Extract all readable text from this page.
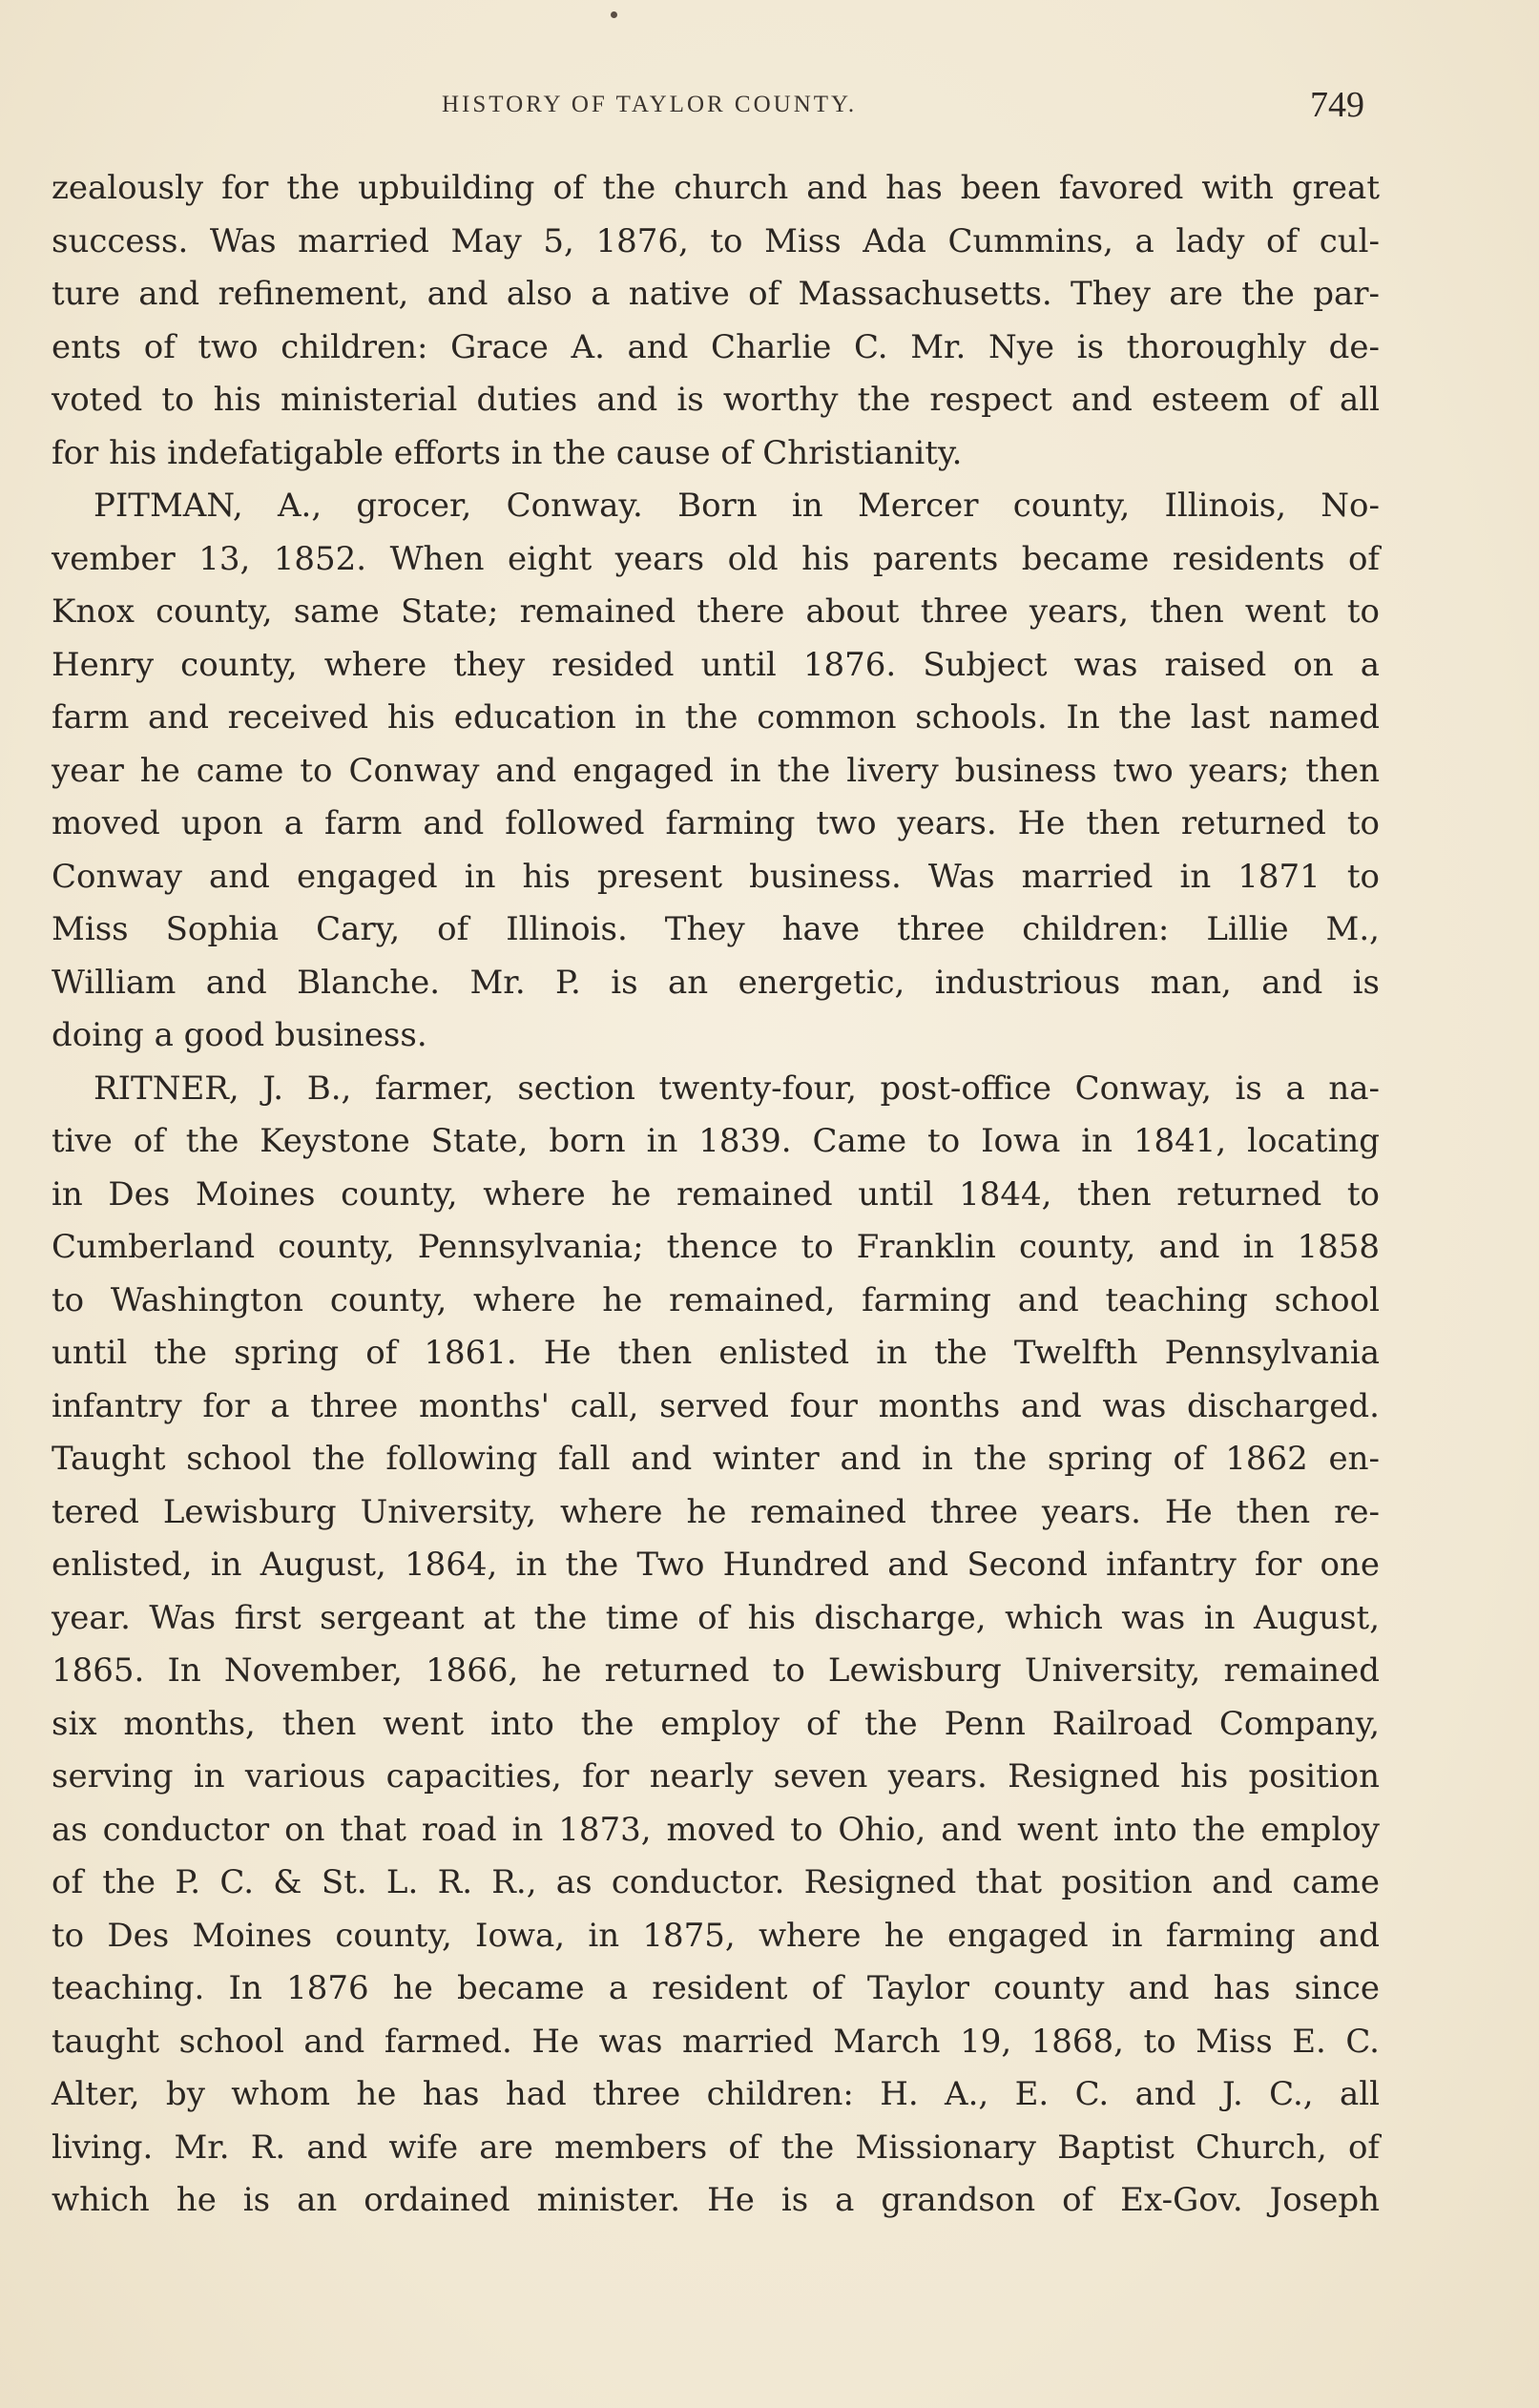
HISTORY OF TAYLOR COUNTY.	749
zealously for the upbuilding of the church and has been favored with great
success. Was married May 5, 1876, to Miss Ada Cummins, a lady of cul-
ture and refinement, and also a native of Massachusetts. They are the par-
ents of two children: Grace A. and Charlie C. Mr. Nye is thoroughly de-
voted to his ministerial duties and is worthy the respect and esteem of all
for his indefatigable efforts in the cause of Christianity.
PITMAN, A., grocer, Conway. Born in Mercer county, Illinois, No-
vember 13, 1852. When eight years old his parents became residents of
Knox county, same State; remained there about three years, then went to
Henry county, where they resided until 1876. Subject was raised on a
farm and received his education in the common schools. In the last named
year he came to Conway and engaged in the livery business two years; then
moved upon a farm and followed farming two years. He then returned to
Conway and engaged in his present business. Was married in 1871 to
Miss Sophia Cary, of Illinois. They have three children: Lillie M.,
William and Blanche. Mr. P. is an energetic, industrious man, and is
doing a good business.
RITNER, J. B., farmer, section twenty-four, post-office Conway, is a na-
tive of the Keystone State, born in 1839. Came to Iowa in 1841, locating
in Des Moines county, where he remained until 1844, then returned to
Cumberland county, Pennsylvania; thence to Franklin county, and in 1858
to Washington county, where he remained, farming and teaching school
until the spring of 1861. He then enlisted in the Twelfth Pennsylvania
infantry for a three months' call, served four months and was discharged.
Taught school the following fall and winter and in the spring of 1862 en-
tered Lewisburg University, where he remained three years. He then re-
enlisted, in August, 1864, in the Two Hundred and Second infantry for one
year. Was first sergeant at the time of his discharge, which was in August,
1865. In November, 1866, he returned to Lewisburg University, remained
six months, then went into the employ of the Penn Railroad Company,
serving in various capacities, for nearly seven years. Resigned his position
as conductor on that road in 1873, moved to Ohio, and went into the employ
of the P. C. & St. L. R. R., as conductor. Resigned that position and came
to Des Moines county, Iowa, in 1875, where he engaged in farming and
teaching. In 1876 he became a resident of Taylor county and has since
taught school and farmed. He was married March 19, 1868, to Miss E. C.
Alter, by whom he has had three children: H. A., E. C. and J. C., all
living. Mr. R. and wife are members of the Missionary Baptist Church, of
which he is an ordained minister. He is a grandson of Ex-Gov. Joseph
